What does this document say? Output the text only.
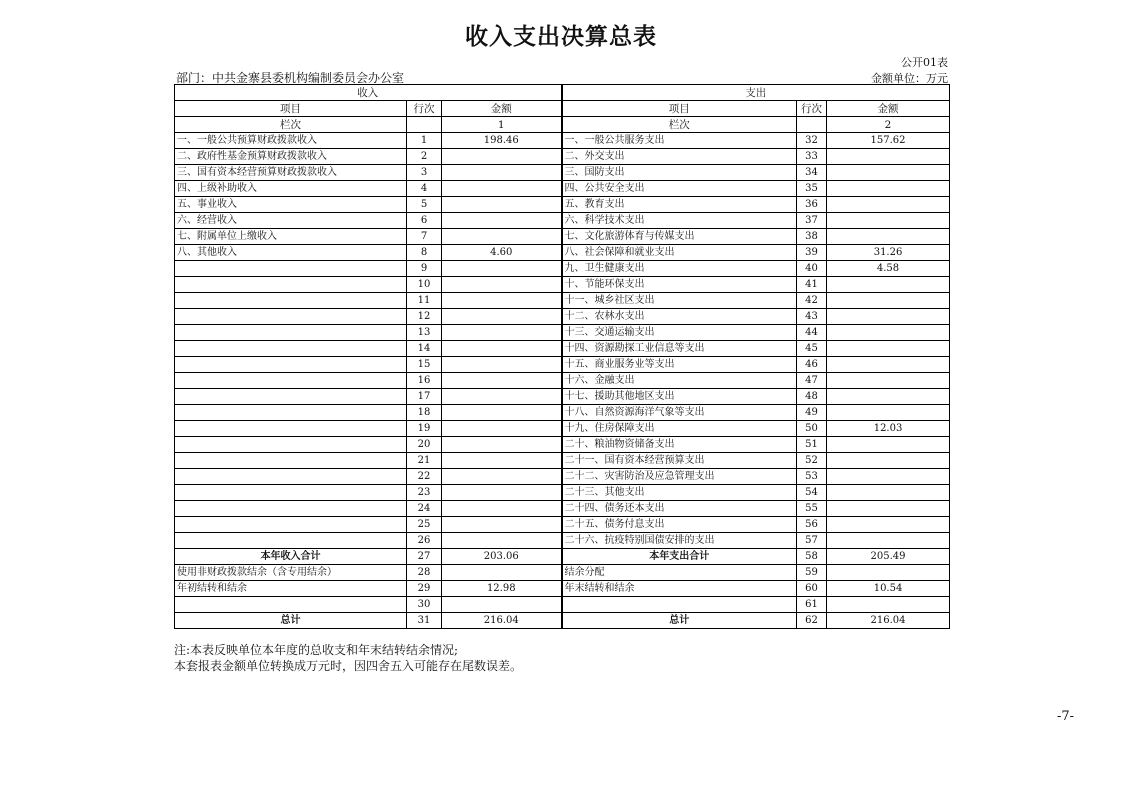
收入支出决算总表
公开01表
部门：中共金寨县委机构编制委员会办公室	金额单位：万元
收入			支出		
项目	行次	金额	项目	行次	金额
栏次		1	栏次		2
一、一般公共预算财政拨款收入	1	198.46	一、一般公共服务支出	32	157.62
二、政府性基金预算财政拨款收入	2		二、外交支出	33	
三、国有资本经营预算财政拨款收入	3		三、国防支出	34	
四、上级补助收入	4		四、公共安全支出	35	
五、事业收入	5		五、教育支出	36	
六、经营收入	6		六、科学技术支出	37	
七、附属单位上缴收入	7		七、文化旅游体育与传媒支出	38	
八、其他收入	8	4.60	八、社会保障和就业支出	39	31.26
	9		九、卫生健康支出	40	4.58
	10		十、节能环保支出	41	
	11		十一、城乡社区支出	42	
	12		十二、农林水支出	43	
	13		十三、交通运输支出	44	
	14		十四、资源勘探工业信息等支出	45	
	15		十五、商业服务业等支出	46	
	16		十六、金融支出	47	
	17		十七、援助其他地区支出	48	
	18		十八、自然资源海洋气象等支出	49	
	19		十九、住房保障支出	50	12.03
	20		二十、粮油物资储备支出	51	
	21		二十一、国有资本经营预算支出	52	
	22		二十二、灾害防治及应急管理支出	53	
	23		二十三、其他支出	54	
	24		二十四、债务还本支出	55	
	25		二十五、债务付息支出	56	
	26		二十六、抗疫特别国债安排的支出	57	
本年收入合计	27	203.06	本年支出合计	58	205.49
使用非财政拨款结余（含专用结余）	28		结余分配	59	
年初结转和结余	29	12.98	年末结转和结余	60	10.54
	30			61	
总计	31	216.04	总计	62	216.04
注:本表反映单位本年度的总收支和年末结转结余情况;
本套报表金额单位转换成万元时，因四舍五入可能存在尾数误差。
-7-
